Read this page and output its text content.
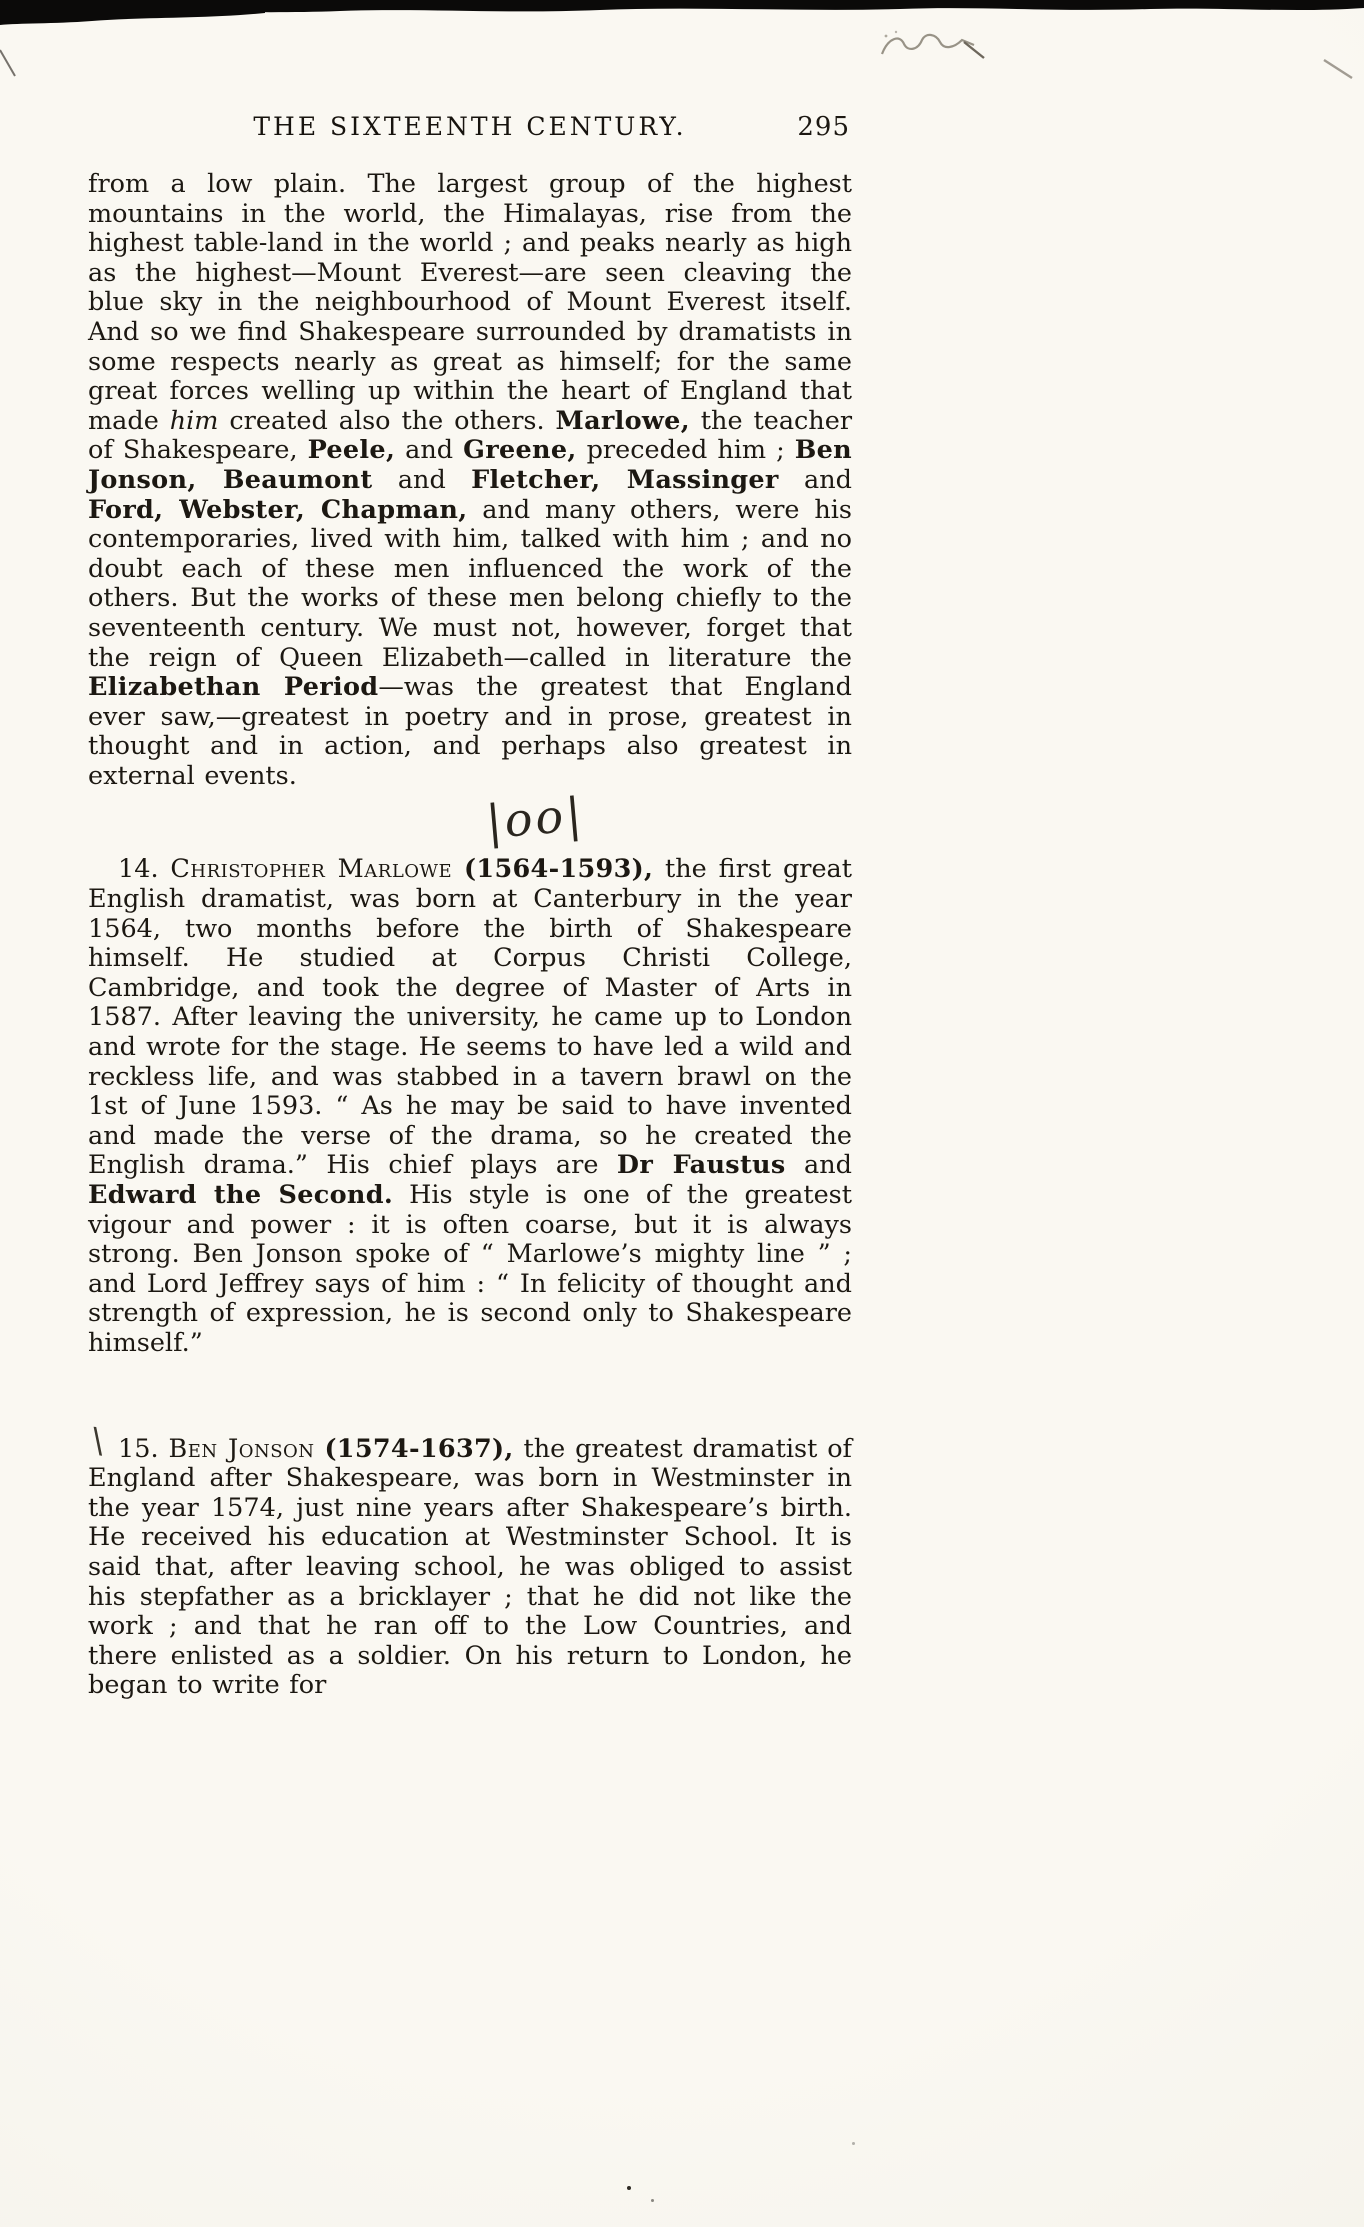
THE SIXTEENTH CENTURY.	295

from a low plain. The largest group of the highest mountains in the world, the Himalayas, rise from the highest table-land in the world ; and peaks nearly as high as the highest—Mount Everest—are seen cleaving the blue sky in the neighbourhood of Mount Everest itself. And so we find Shakespeare surrounded by dramatists in some respects nearly as great as himself; for the same great forces welling up within the heart of England that made him created also the others. Marlowe, the teacher of Shakespeare, Peele, and Greene, preceded him ; Ben Jonson, Beaumont and Fletcher, Massinger and Ford, Webster, Chapman, and many others, were his contemporaries, lived with him, talked with him ; and no doubt each of these men influenced the work of the others. But the works of these men belong chiefly to the seventeenth century. We must not, however, forget that the reign of Queen Elizabeth—called in literature the Elizabethan Period—was the greatest that England ever saw,—greatest in poetry and in prose, greatest in thought and in action, and perhaps also greatest in external events.

|oo|

14. Christopher Marlowe (1564-1593), the first great English dramatist, was born at Canterbury in the year 1564, two months before the birth of Shakespeare himself. He studied at Corpus Christi College, Cambridge, and took the degree of Master of Arts in 1587. After leaving the university, he came up to London and wrote for the stage. He seems to have led a wild and reckless life, and was stabbed in a tavern brawl on the 1st of June 1593. “ As he may be said to have invented and made the verse of the drama, so he created the English drama.” His chief plays are Dr Faustus and Edward the Second. His style is one of the greatest vigour and power : it is often coarse, but it is always strong. Ben Jonson spoke of “ Marlowe’s mighty line ” ; and Lord Jeffrey says of him : “ In felicity of thought and strength of expression, he is second only to Shakespeare himself.”

\ 15. Ben Jonson (1574-1637), the greatest dramatist of England after Shakespeare, was born in Westminster in the year 1574, just nine years after Shakespeare’s birth. He received his education at Westminster School. It is said that, after leaving school, he was obliged to assist his stepfather as a bricklayer ; that he did not like the work ; and that he ran off to the Low Countries, and there enlisted as a soldier. On his return to London, he began to write for
